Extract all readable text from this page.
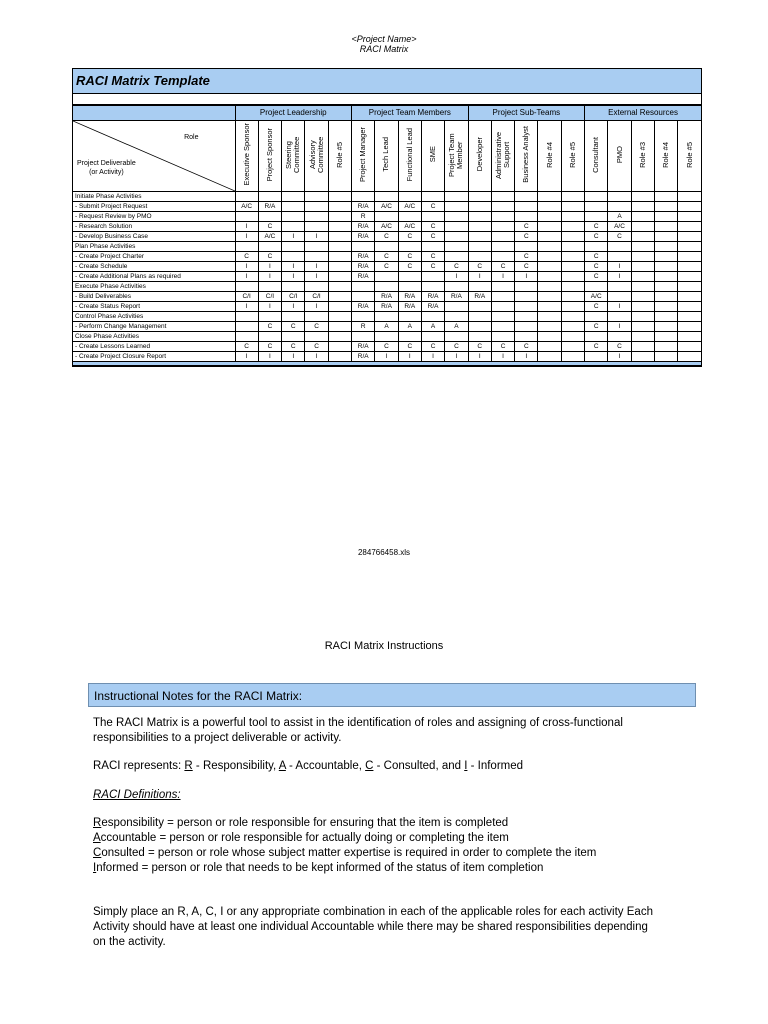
<Project Name>
RACI Matrix
RACI Matrix Template
	Project Leadership					Project Team Members					Project Sub-Teams					External Resources				

Role
Project Deliverable
(or Activity)	Executive Sponsor	Project Sponsor	Steering Committee	Advisory Committee	Role #5	Project Manager	Tech Lead	Functional Lead	SME	Project Team Member	Developer	Administrative Support	Business Analyst	Role #4	Role #5	Consultant	PMO	Role #3	Role #4	Role #5
Initiate Phase Activities																				
- Submit Project Request	A/C	R/A				R/A	A/C	A/C	C											
- Request Review by PMO						R											A			
- Research Solution	I	C				R/A	A/C	A/C	C				C			C	A/C			
- Develop Business Case	I	A/C	I	I		R/A	C	C	C				C			C	C			
Plan Phase Activities																				
- Create Project Charter	C	C				R/A	C	C	C				C			C				
- Create Schedule	I	I	I	I		R/A	C	C	C	C	C	C	C			C	I			
- Create Additional Plans as required	I	I	I	I		R/A				I	I	I	I			C	I			
Execute Phase Activities																				
- Build Deliverables	C/I	C/I	C/I	C/I			R/A	R/A	R/A	R/A	R/A					A/C				
- Create Status Report	I	I	I	I		R/A	R/A	R/A	R/A							C	I			
Control Phase Activities																				
- Perform Change Management		C	C	C		R	A	A	A	A						C	I			
Close Phase Activities																				
- Create Lessons Learned	C	C	C	C		R/A	C	C	C	C	C	C	C			C	C			
- Create Project Closure Report	I	I	I	I		R/A	I	I	I	I	I	I	I				I			

284766458.xls
RACI Matrix Instructions
Instructional Notes for the RACI Matrix:
The RACI Matrix is a powerful tool to assist in the identification of roles and assigning of cross-functional responsibilities to a project deliverable or activity.
RACI represents: R - Responsibility, A - Accountable, C - Consulted, and I - Informed
RACI Definitions:
Responsibility = person or role responsible for ensuring that the item is completed
Accountable = person or role responsible for actually doing or completing the item
Consulted = person or role whose subject matter expertise is required in order to complete the item
Informed = person or role that needs to be kept informed of the status of item completion
Simply place an R, A, C, I or any appropriate combination in each of the applicable roles for each activity Each Activity should have at least one individual Accountable while there may be shared responsibilities depending on the activity.
